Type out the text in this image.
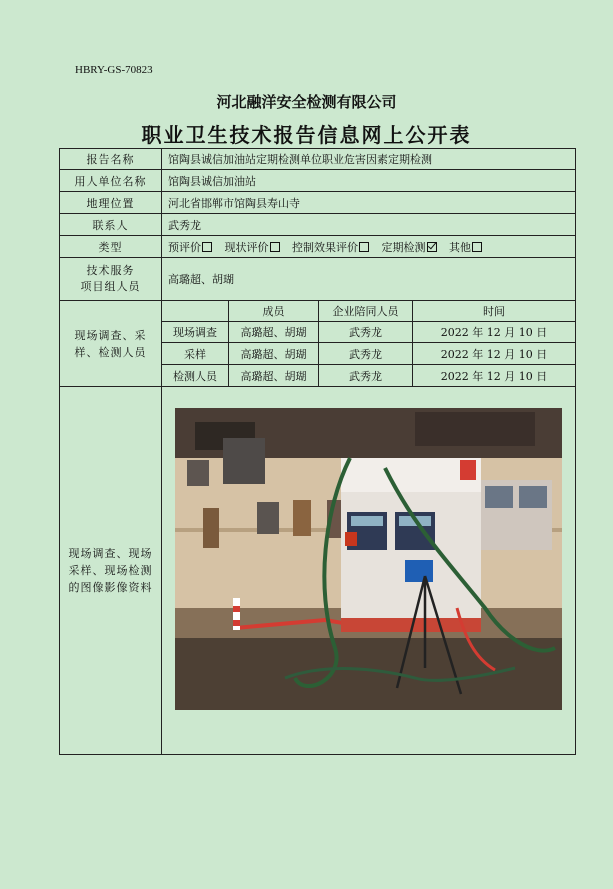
HBRY-GS-70823
河北融洋安全检测有限公司
职业卫生技术报告信息网上公开表
报告名称	馆陶县诚信加油站定期检测单位职业危害因素定期检测			
用人单位名称	馆陶县诚信加油站			
地理位置	河北省邯郸市馆陶县寿山寺			
联系人	武秀龙			
类型	预评价 现状评价 控制效果评价 定期检测 其他			

技术服务
项目组人员	高璐超、胡瑚			
现场调查、采样、检测人员		成员	企业陪同人员	时间
	现场调查	高璐超、胡瑚	武秀龙	2022 年 12 月 10 日
	采样	高璐超、胡瑚	武秀龙	2022 年 12 月 10 日
	检测人员	高璐超、胡瑚	武秀龙	2022 年 12 月 10 日
现场调查、现场采样、现场检测的图像影像资料	
